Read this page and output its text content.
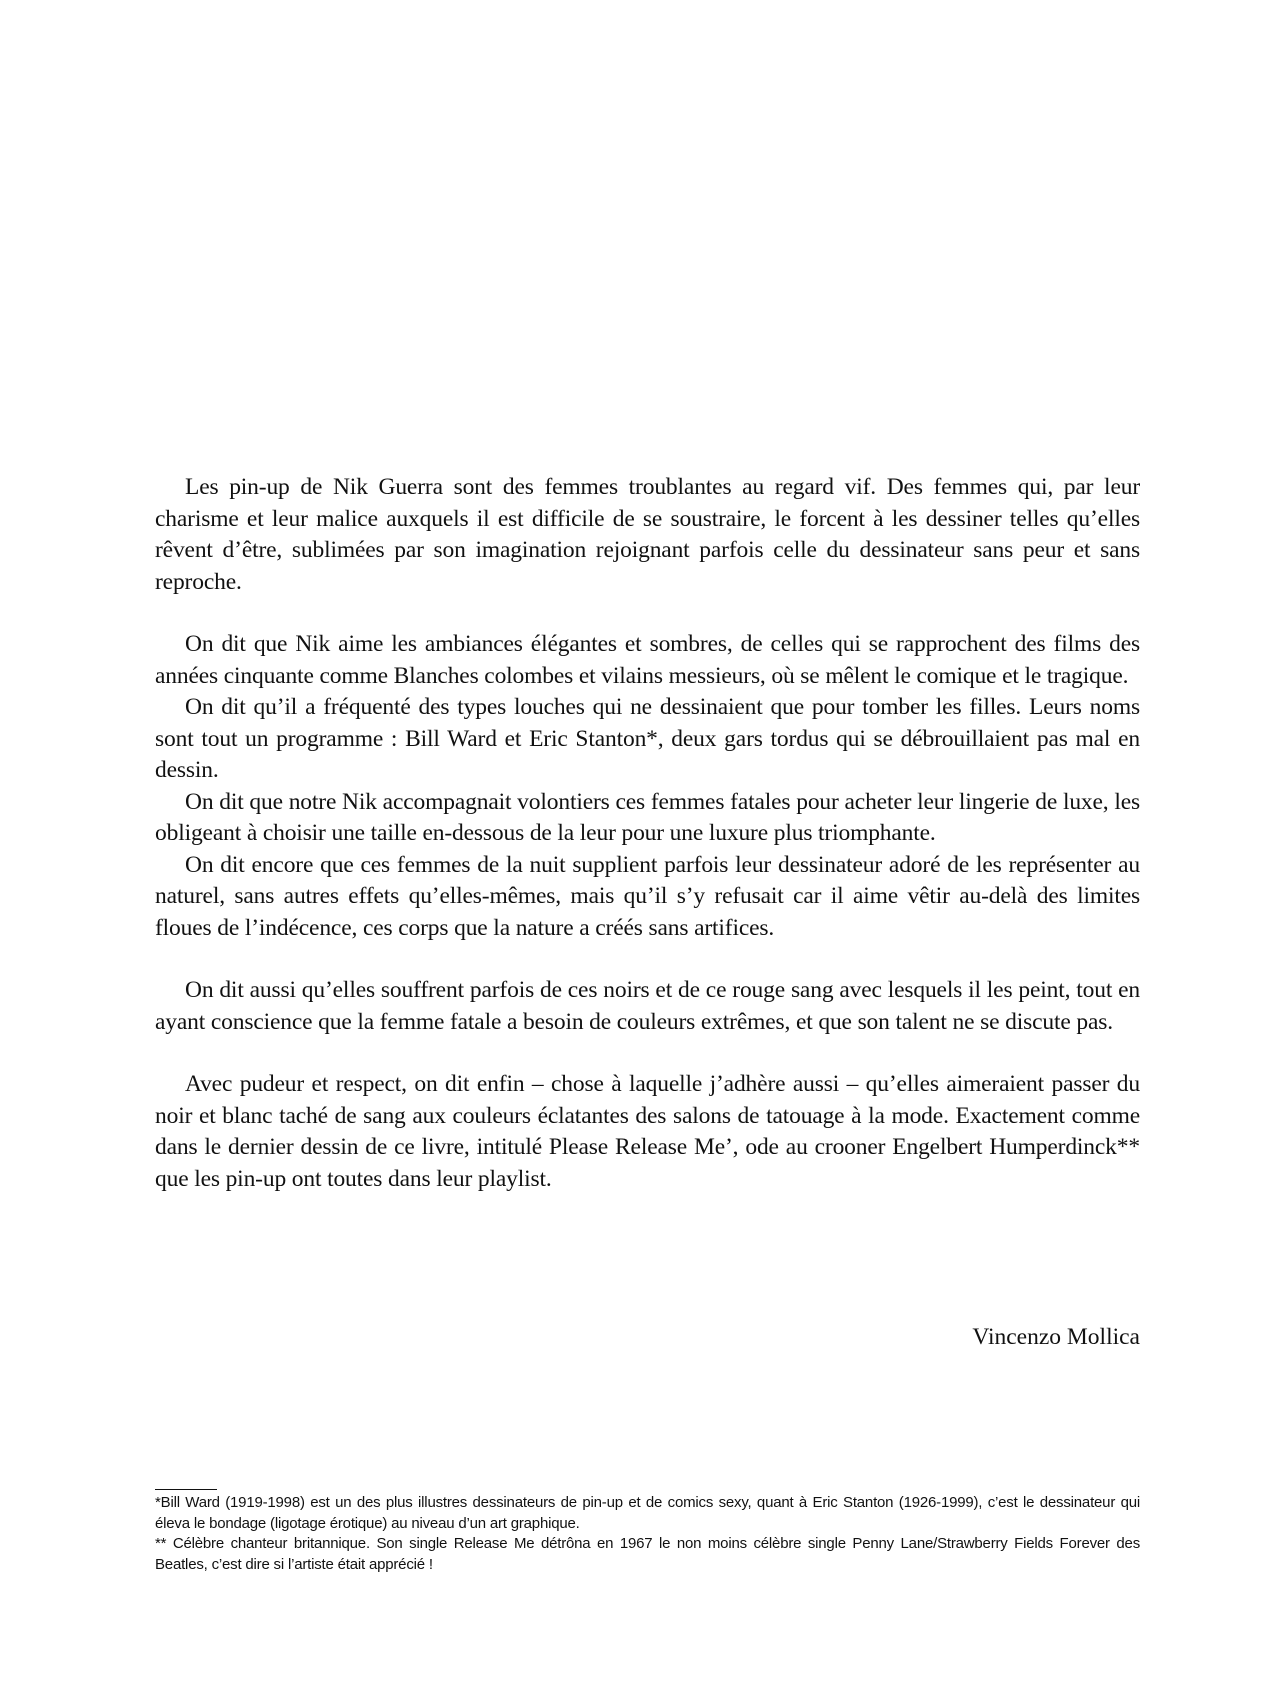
Les pin-up de Nik Guerra sont des femmes troublantes au regard vif. Des femmes qui, par leur charisme et leur malice auxquels il est difficile de se soustraire, le forcent à les dessiner telles qu’elles rêvent d’être, sublimées par son imagination rejoignant parfois celle du dessinateur sans peur et sans reproche.

On dit que Nik aime les ambiances élégantes et sombres, de celles qui se rapprochent des films des années cinquante comme Blanches colombes et vilains messieurs, où se mêlent le comique et le tragique.

On dit qu’il a fréquenté des types louches qui ne dessinaient que pour tomber les filles. Leurs noms sont tout un programme : Bill Ward et Eric Stanton*, deux gars tordus qui se débrouillaient pas mal en dessin.

On dit que notre Nik accompagnait volontiers ces femmes fatales pour acheter leur lingerie de luxe, les obligeant à choisir une taille en-dessous de la leur pour une luxure plus triomphante.

On dit encore que ces femmes de la nuit supplient parfois leur dessinateur adoré de les représenter au naturel, sans autres effets qu’elles-mêmes, mais qu’il s’y refusait car il aime vêtir au-delà des limites floues de l’indécence, ces corps que la nature a créés sans artifices.

On dit aussi qu’elles souffrent parfois de ces noirs et de ce rouge sang avec lesquels il les peint, tout en ayant conscience que la femme fatale a besoin de couleurs extrêmes, et que son talent ne se discute pas.

Avec pudeur et respect, on dit enfin – chose à laquelle j’adhère aussi – qu’elles aimeraient passer du noir et blanc taché de sang aux couleurs éclatantes des salons de tatouage à la mode. Exactement comme dans le dernier dessin de ce livre, intitulé Please Release Me’, ode au crooner Engelbert Humperdinck** que les pin-up ont toutes dans leur playlist.

Vincenzo Mollica

*Bill Ward (1919-1998) est un des plus illustres dessinateurs de pin-up et de comics sexy, quant à Eric Stanton (1926-1999), c’est le dessinateur qui éleva le bondage (ligotage érotique) au niveau d’un art graphique.

** Célèbre chanteur britannique. Son single Release Me détrôna en 1967 le non moins célèbre single Penny Lane/Strawberry Fields Forever des Beatles, c’est dire si l’artiste était apprécié !
